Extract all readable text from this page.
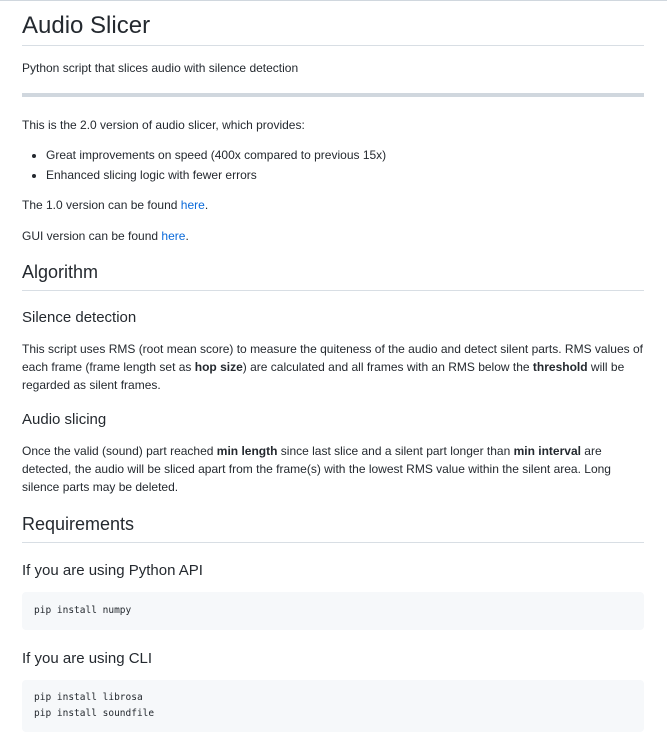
Audio Slicer

Python script that slices audio with silence detection

This is the 2.0 version of audio slicer, which provides:

• Great improvements on speed (400x compared to previous 15x)
• Enhanced slicing logic with fewer errors

The 1.0 version can be found here.

GUI version can be found here.

Algorithm
Silence detection

This script uses RMS (root mean score) to measure the quiteness of the audio and detect silent parts. RMS values of each frame (frame length set as hop size) are calculated and all frames with an RMS below the threshold will be regarded as silent frames.

Audio slicing

Once the valid (sound) part reached min length since last slice and a silent part longer than min interval are detected, the audio will be sliced apart from the frame(s) with the lowest RMS value within the silent area. Long silence parts may be deleted.

Requirements
If you are using Python API
pip install numpy
If you are using CLI
pip install librosa
pip install soundfile
